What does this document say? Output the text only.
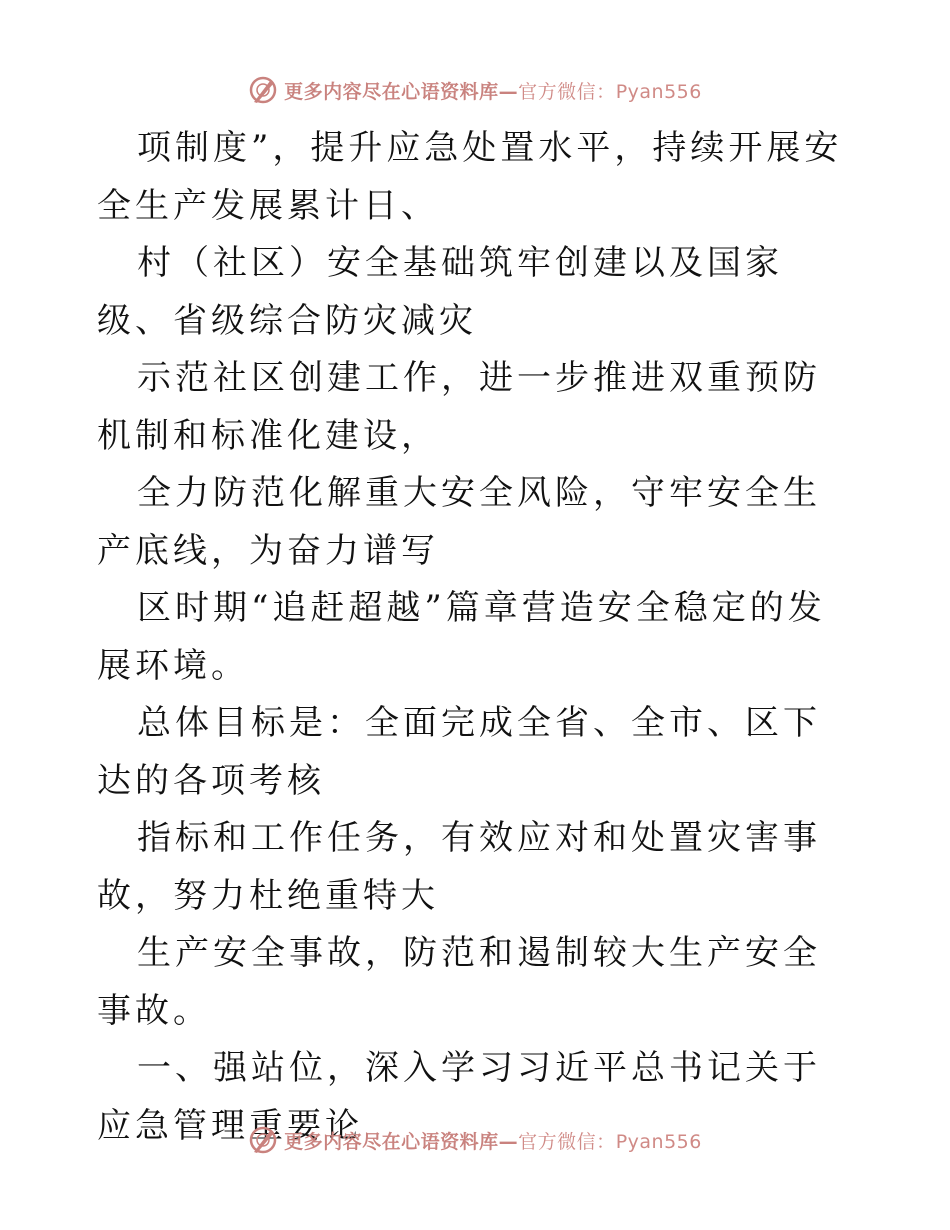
更多内容尽在心语资料库—官方微信：Pyan556

项制度”，提升应急处置水平，持续开展安全生产发展累计日、

村（社区）安全基础筑牢创建以及国家级、省级综合防灾减灾

示范社区创建工作，进一步推进双重预防机制和标准化建设，

全力防范化解重大安全风险，守牢安全生产底线，为奋力谱写

区时期“追赶超越”篇章营造安全稳定的发展环境。

总体目标是：全面完成全省、全市、区下达的各项考核

指标和工作任务，有效应对和处置灾害事故，努力杜绝重特大

生产安全事故，防范和遏制较大生产安全事故。

一、强站位，深入学习习近平总书记关于应急管理重要论

更多内容尽在心语资料库—官方微信：Pyan556
